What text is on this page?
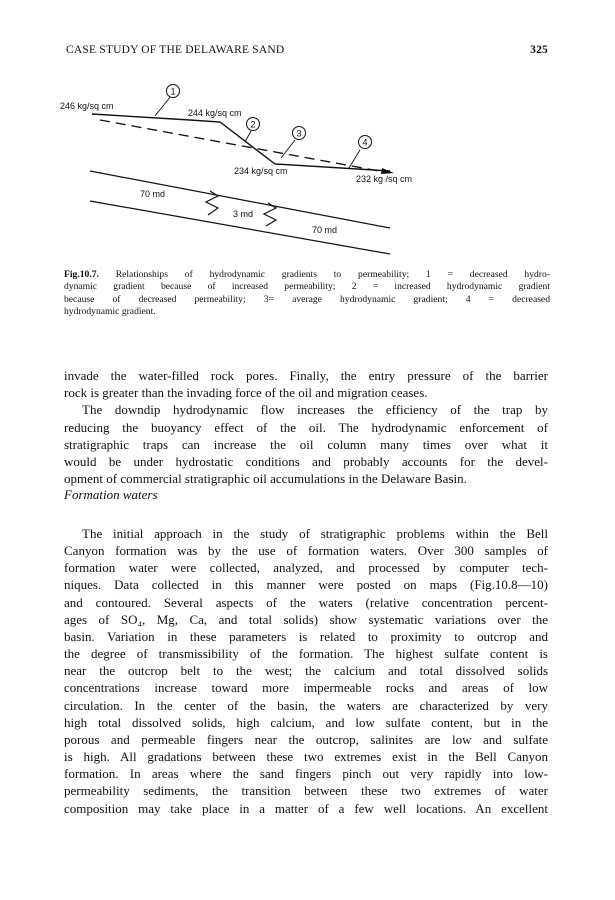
CASE STUDY OF THE DELAWARE SAND	325
1
2
3
4
246 kg/sq cm
244 kg/sq cm
234 kg/sq cm
232 kg /sq cm
70 md
3 md
70 md
Fig.10.7. Relationships of hydrodynamic gradients to permeability; 1 = decreased hydro-
dynamic gradient because of increased permeability; 2 = increased hydrodynamic gradient
because of decreased permeability; 3= average hydrodynamic gradient; 4 = decreased
hydrodynamic gradient.
invade the water-filled rock pores. Finally, the entry pressure of the barrier
rock is greater than the invading force of the oil and migration ceases.
The downdip hydrodynamic flow increases the efficiency of the trap by
reducing the buoyancy effect of the oil. The hydrodynamic enforcement of
stratigraphic traps can increase the oil column many times over what it
would be under hydrostatic conditions and probably accounts for the devel-
opment of commercial stratigraphic oil accumulations in the Delaware Basin.
Formation waters
The initial approach in the study of stratigraphic problems within the Bell
Canyon formation was by the use of formation waters. Over 300 samples of
formation water were collected, analyzed, and processed by computer tech-
niques. Data collected in this manner were posted on maps (Fig.10.8—10)
and contoured. Several aspects of the waters (relative concentration percent-
ages of SO₄, Mg, Ca, and total solids) show systematic variations over the
basin. Variation in these parameters is related to proximity to outcrop and
the degree of transmissibility of the formation. The highest sulfate content is
near the outcrop belt to the west; the calcium and total dissolved solids
concentrations increase toward more impermeable rocks and areas of low
circulation. In the center of the basin, the waters are characterized by very
high total dissolved solids, high calcium, and low sulfate content, but in the
porous and permeable fingers near the outcrop, salinites are low and sulfate
is high. All gradations between these two extremes exist in the Bell Canyon
formation. In areas where the sand fingers pinch out very rapidly into low-
permeability sediments, the transition between these two extremes of water
composition may take place in a matter of a few well locations. An excellent
